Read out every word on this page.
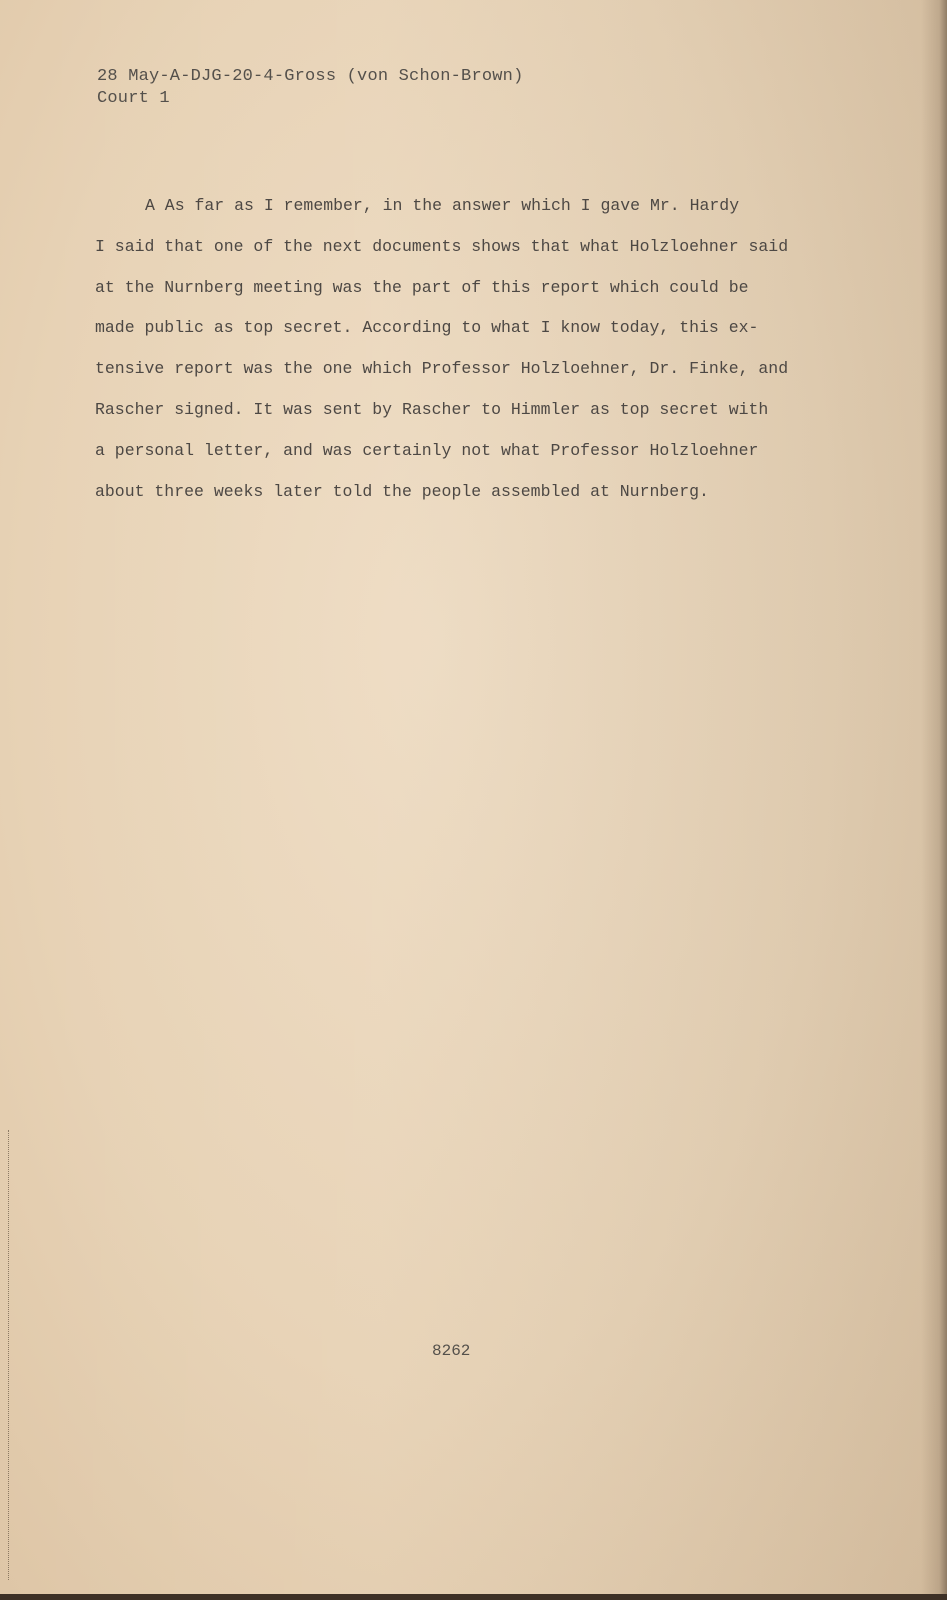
28 May-A-DJG-20-4-Gross (von Schon-Brown)
Court 1
A As far as I remember, in the answer which I gave Mr. Hardy
I said that one of the next documents shows that what Holzloehner said
at the Nurnberg meeting was the part of this report which could be
made public as top secret. According to what I know today, this ex-
tensive report was the one which Professor Holzloehner, Dr. Finke, and
Rascher signed. It was sent by Rascher to Himmler as top secret with
a personal letter, and was certainly not what Professor Holzloehner
about three weeks later told the people assembled at Nurnberg.
8262
